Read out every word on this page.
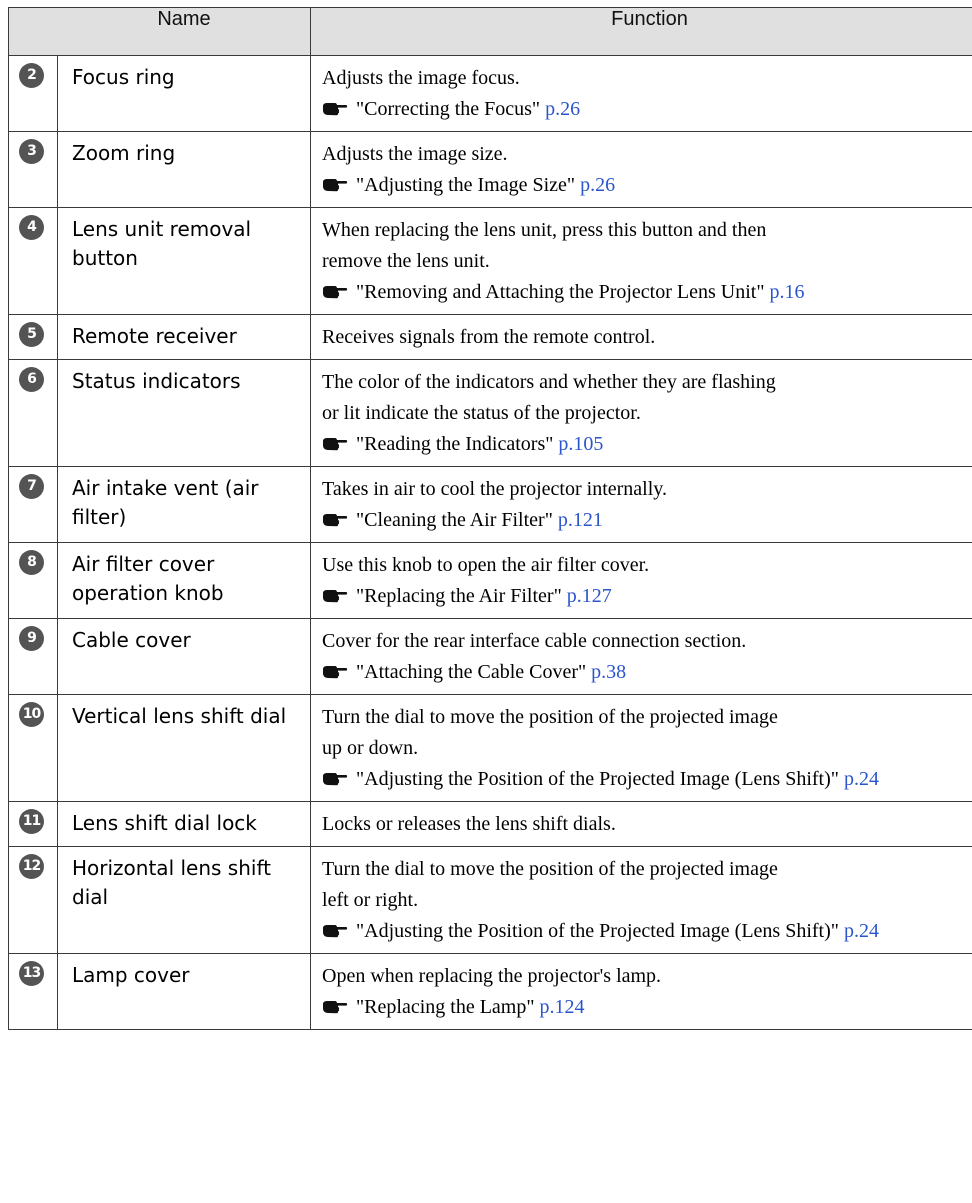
Name		Function
2	Focus ring	Adjusts the image focus.
"Correcting the Focus" p.26

3	Zoom ring	Adjusts the image size.
"Adjusting the Image Size" p.26

4	Lens unit removal button	When replacing the lens unit, press this button and then
remove the lens unit.
"Removing and Attaching the Projector Lens Unit" p.16

5	Remote receiver	Receives signals from the remote control.

6	Status indicators	The color of the indicators and whether they are flashing
or lit indicate the status of the projector.
"Reading the Indicators" p.105

7	Air intake vent (air filter)	Takes in air to cool the projector internally.
"Cleaning the Air Filter" p.121

8	Air filter cover operation knob	Use this knob to open the air filter cover.
"Replacing the Air Filter" p.127

9	Cable cover	Cover for the rear interface cable connection section.
"Attaching the Cable Cover" p.38

10	Vertical lens shift dial	Turn the dial to move the position of the projected image
up or down.
"Adjusting the Position of the Projected Image (Lens Shift)" p.24

11	Lens shift dial lock	Locks or releases the lens shift dials.

12	Horizontal lens shift dial	Turn the dial to move the position of the projected image
left or right.
"Adjusting the Position of the Projected Image (Lens Shift)" p.24

13	Lamp cover	Open when replacing the projector's lamp.
"Replacing the Lamp" p.124
